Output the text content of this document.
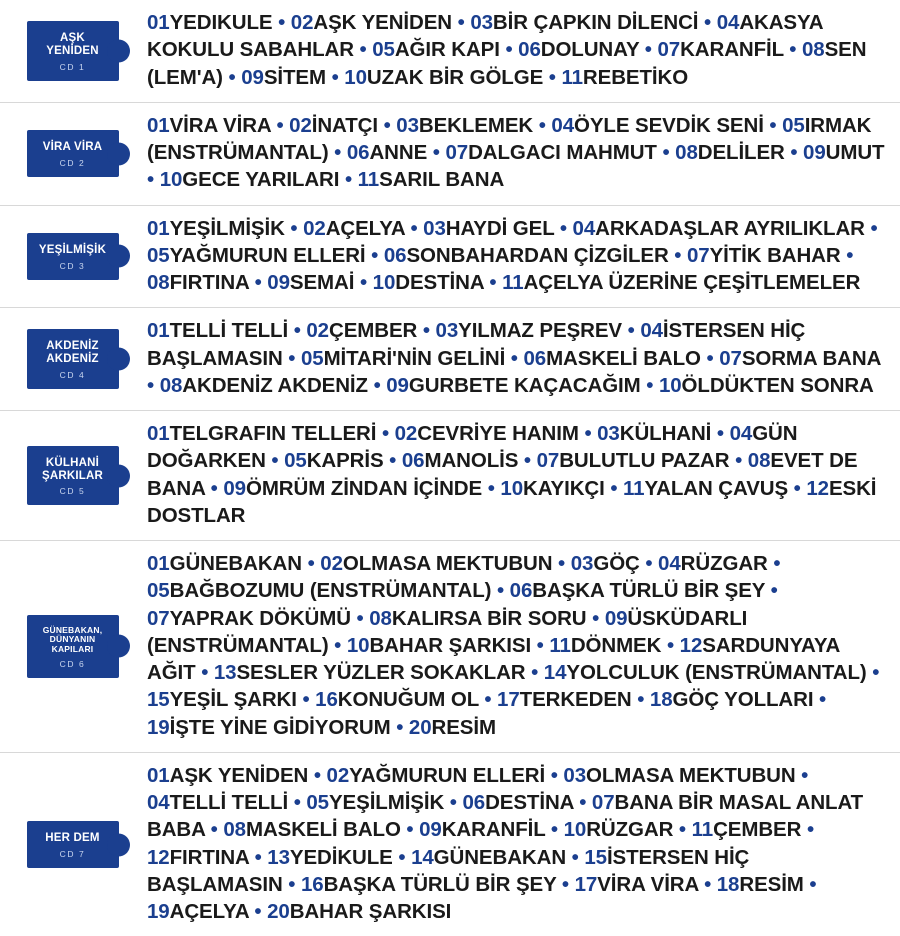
AŞK YENİDEN
CD 1
01YEDIKULE • 02AŞK YENİDEN • 03BİR ÇAPKIN DİLENCİ • 04AKASYA KOKULU SABAHLAR • 05AĞIR KAPI • 06DOLUNAY • 07KARANFİL • 08SEN (LEM'A) • 09SİTEM • 10UZAK BİR GÖLGE • 11REBETİKO
VİRA VİRA
CD 2
01VİRA VİRA • 02İNATÇI • 03BEKLEMEK • 04ÖYLE SEVDİK SENİ • 05IRMAK (ENSTRÜMANTAL) • 06ANNE • 07DALGACI MAHMUT • 08DELİLER • 09UMUT • 10GECE YARILARI • 11SARIL BANA
YEŞİLMİŞİK
CD 3
01YEŞİLMİŞİK • 02AÇELYA • 03HAYDİ GEL • 04ARKADAŞLAR AYRILIKLAR • 05YAĞMURUN ELLERİ • 06SONBAHARDAN ÇİZGİLER • 07YİTİK BAHAR • 08FIRTINA • 09SEMAİ • 10DESTİNA • 11AÇELYA ÜZERİNE ÇEŞİTLEMELER
AKDENİZ AKDENİZ
CD 4
01TELLİ TELLİ • 02ÇEMBER • 03YILMAZ PEŞREV • 04İSTERSEN HİÇ BAŞLAMASIN • 05MİTARİ'NİN GELİNİ • 06MASKELİ BALO • 07SORMA BANA • 08AKDENİZ AKDENİZ • 09GURBETE KAÇACAĞIM • 10ÖLDÜKTEN SONRA
KÜLHANİ ŞARKILAR
CD 5
01TELGRAFIN TELLERİ • 02CEVRİYE HANIM • 03KÜLHANİ • 04GÜN DOĞARKEN • 05KAPRİS • 06MANOLİS • 07BULUTLU PAZAR • 08EVET DE BANA • 09ÖMRÜM ZİNDAN İÇİNDE • 10KAYIKÇI • 11YALAN ÇAVUŞ • 12ESKİ DOSTLAR
GÜNEBAKAN, DÜNYANIN KAPILARI
CD 6
01GÜNEBAKAN • 02OLMASA MEKTUBUN • 03GÖÇ • 04RÜZGAR • 05BAĞBOZUMU (ENSTRÜMANTAL) • 06BAŞKA TÜRLÜ BİR ŞEY • 07YAPRAK DÖKÜMÜ • 08KALIRSA BİR SORU • 09ÜSKÜDARLI (ENSTRÜMANTAL) • 10BAHAR ŞARKISI • 11DÖNMEK • 12SARDUNYAYA AĞIT • 13SESLER YÜZLER SOKAKLAR • 14YOLCULUK (ENSTRÜMANTAL) • 15YEŞİL ŞARKI • 16KONUĞUM OL • 17TERKEDEN • 18GÖÇ YOLLARI • 19İŞTE YİNE GİDİYORUM • 20RESİM
HER DEM
CD 7
01AŞK YENİDEN • 02YAĞMURUN ELLERİ • 03OLMASA MEKTUBUN • 04TELLİ TELLİ • 05YEŞİLMİŞİK • 06DESTİNA • 07BANA BİR MASAL ANLAT BABA • 08MASKELİ BALO • 09KARANFİL • 10RÜZGAR • 11ÇEMBER • 12FIRTINA • 13YEDİKULE • 14GÜNEBAKAN • 15İSTERSEN HİÇ BAŞLAMASIN • 16BAŞKA TÜRLÜ BİR ŞEY • 17VİRA VİRA • 18RESİM • 19AÇELYA • 20BAHAR ŞARKISI
